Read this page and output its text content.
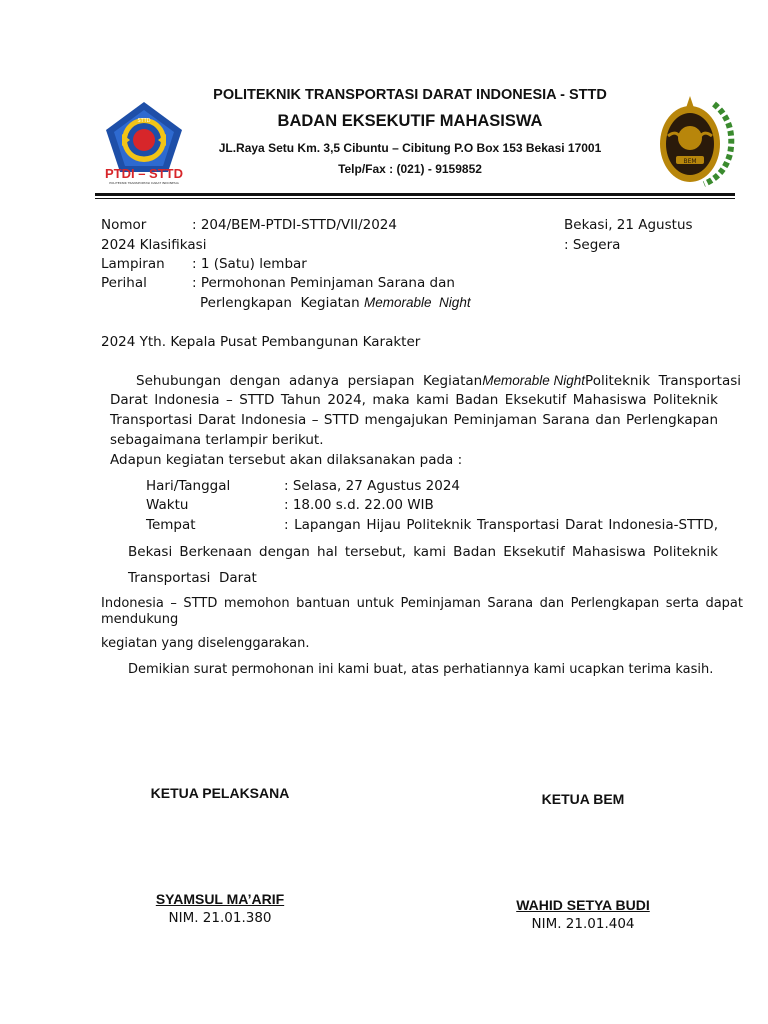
STTD
PTDI – STTD
POLITEKNIK TRANSPORTASI DARAT INDONESIA
POLITEKNIK TRANSPORTASI DARAT INDONESIA - STTD
BADAN EKSEKUTIF MAHASISWA
JL.Raya Setu Km. 3,5 Cibuntu – Cibitung P.O Box 153 Bekasi 17001
Telp/Fax : (021) - 9159852
BEM
Nomor	: 204/BEM-PTDI-STTD/VII/2024	Bekasi, 21 Agustus
2024 Klasifikasi	: Segera
Lampiran : 1 (Satu) lembar
Perihal	: Permohonan Peminjaman Sarana dan
Perlengkapan  Kegiatan Memorable  Night
2024 Yth. Kepala Pusat Pembangunan Karakter
Sehubungan  dengan  adanya  persiapan  Kegiatan Memorable Night Politeknik  Transportasi
Darat Indonesia – STTD Tahun 2024, maka kami Badan Eksekutif Mahasiswa Politeknik
Transportasi Darat Indonesia – STTD mengajukan Peminjaman Sarana dan Perlengkapan
sebagaimana terlampir berikut.
Adapun kegiatan tersebut akan dilaksanakan pada :
Hari/Tanggal	: Selasa, 27 Agustus 2024
Waktu	: 18.00 s.d. 22.00 WIB
Tempat	: Lapangan Hijau Politeknik Transportasi Darat Indonesia-STTD,
Bekasi Berkenaan dengan hal tersebut, kami Badan Eksekutif Mahasiswa Politeknik
Transportasi  Darat
Indonesia – STTD memohon bantuan untuk Peminjaman Sarana dan Perlengkapan serta dapat
mendukung
kegiatan yang diselenggarakan.
Demikian surat permohonan ini kami buat, atas perhatiannya kami ucapkan terima kasih.
KETUA PELAKSANA
SYAMSUL MA’ARIF
NIM. 21.01.380
KETUA BEM
WAHID SETYA BUDI
NIM. 21.01.404
